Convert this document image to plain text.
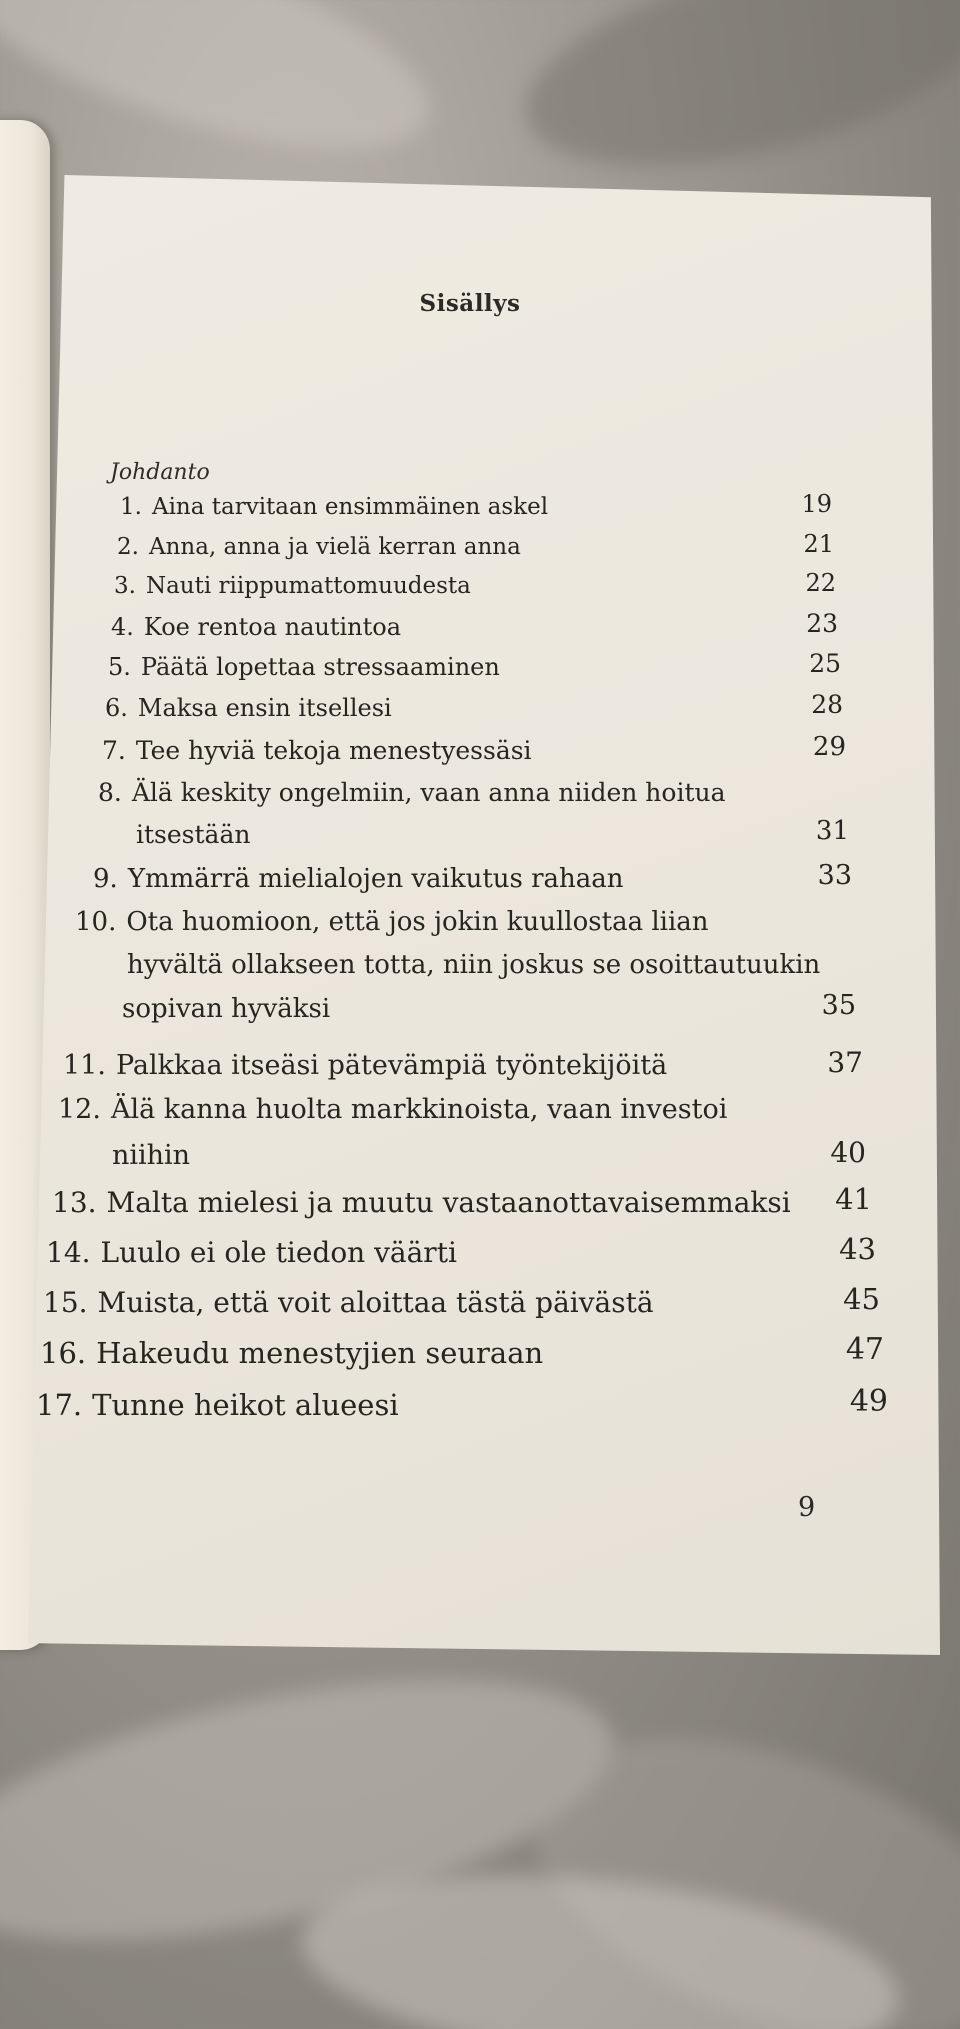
Sisällys
Johdanto
1. Aina tarvitaan ensimmäinen askel	19
2. Anna, anna ja vielä kerran anna	21
3. Nauti riippumattomuudesta	22
4. Koe rentoa nautintoa	23
5. Päätä lopettaa stressaaminen	25
6. Maksa ensin itsellesi	28
7. Tee hyviä tekoja menestyessäsi	29
8. Älä keskity ongelmiin, vaan anna niiden hoitua
itsestään	31
9. Ymmärrä mielialojen vaikutus rahaan	33
10. Ota huomioon, että jos jokin kuullostaa liian
hyvältä ollakseen totta, niin joskus se osoittautuukin
sopivan hyväksi	35
11. Palkkaa itseäsi pätevämpiä työntekijöitä	37
12. Älä kanna huolta markkinoista, vaan investoi
niihin	40
13. Malta mielesi ja muutu vastaanottavaisemmaksi	41
14. Luulo ei ole tiedon väärti	43
15. Muista, että voit aloittaa tästä päivästä	45
16. Hakeudu menestyjien seuraan	47
17. Tunne heikot alueesi	49
9
